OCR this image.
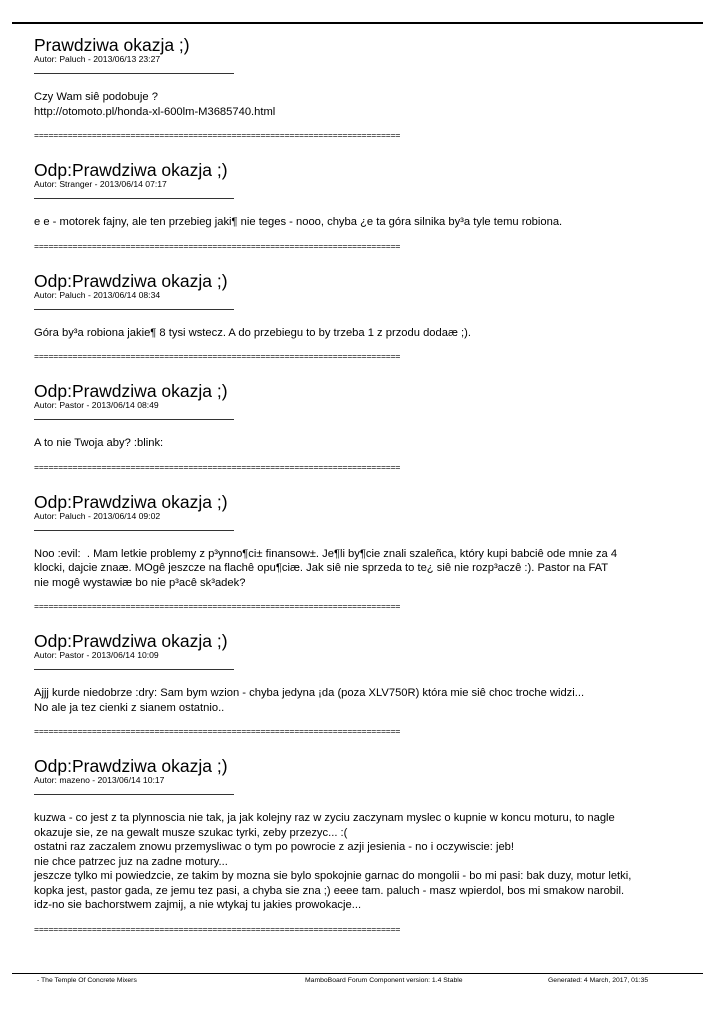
Prawdziwa okazja ;)
Autor: Paluch - 2013/06/13 23:27
Czy Wam siê podobuje ?
http://otomoto.pl/honda-xl-600lm-M3685740.html
============================================================================
Odp:Prawdziwa okazja ;)
Autor: Stranger - 2013/06/14 07:17
e e - motorek fajny, ale ten przebieg jaki¶ nie teges - nooo, chyba ¿e ta góra silnika by³a tyle temu robiona.
============================================================================
Odp:Prawdziwa okazja ;)
Autor: Paluch - 2013/06/14 08:34
Góra by³a robiona jakie¶ 8 tysi wstecz. A do przebiegu to by trzeba 1 z przodu dodaæ ;).
============================================================================
Odp:Prawdziwa okazja ;)
Autor: Pastor - 2013/06/14 08:49
A to nie Twoja aby? :blink:
============================================================================
Odp:Prawdziwa okazja ;)
Autor: Paluch - 2013/06/14 09:02
Noo :evil:  . Mam letkie problemy z p³ynno¶ci± finansow±. Je¶li by¶cie znali szaleñca, który kupi babciê ode mnie za 4
klocki, dajcie znaæ. MOgê jeszcze na flachê opu¶ciæ. Jak siê nie sprzeda to te¿ siê nie rozp³aczê :). Pastor na FAT
nie mogê wystawiæ bo nie p³acê sk³adek?
============================================================================
Odp:Prawdziwa okazja ;)
Autor: Pastor - 2013/06/14 10:09
Ajjj kurde niedobrze :dry: Sam bym wzion - chyba jedyna ¡da (poza XLV750R) która mie siê choc troche widzi...
No ale ja tez cienki z sianem ostatnio..
============================================================================
Odp:Prawdziwa okazja ;)
Autor: mazeno - 2013/06/14 10:17
kuzwa - co jest z ta plynnoscia nie tak, ja jak kolejny raz w zyciu zaczynam myslec o kupnie w koncu moturu, to nagle
okazuje sie, ze na gewalt musze szukac tyrki, zeby przezyc... :(
ostatni raz zaczalem znowu przemysliwac o tym po powrocie z azji jesienia - no i oczywiscie: jeb!
nie chce patrzec juz na zadne motury...
jeszcze tylko mi powiedzcie, ze takim by mozna sie bylo spokojnie garnac do mongolii - bo mi pasi: bak duzy, motur letki,
kopka jest, pastor gada, ze jemu tez pasi, a chyba sie zna ;) eeee tam. paluch - masz wpierdol, bos mi smakow narobil.
idz-no sie bachorstwem zajmij, a nie wtykaj tu jakies prowokacje...
============================================================================
- The Temple Of Concrete Mixers	MamboBoard Forum Component version: 1.4 Stable	Generated: 4 March, 2017, 01:35
